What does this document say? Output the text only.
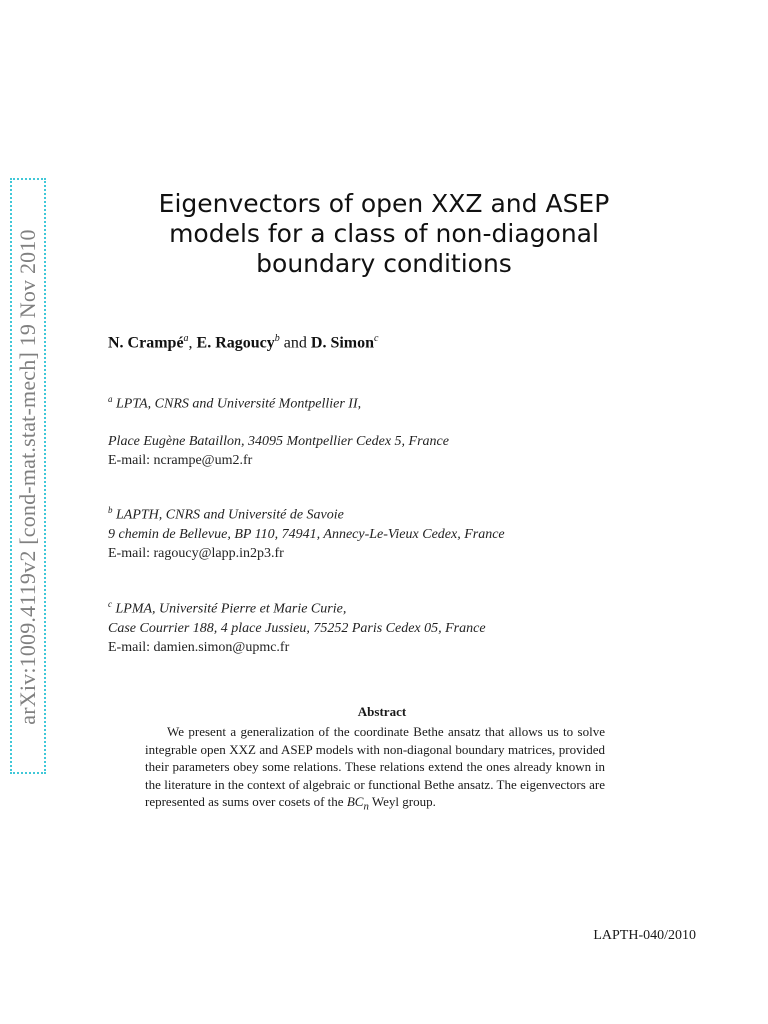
arXiv:1009.4119v2 [cond-mat.stat-mech] 19 Nov 2010
Eigenvectors of open XXZ and ASEP
models for a class of non-diagonal
boundary conditions
N. Crampé$^a$, E. Ragoucy$^b$ and D. Simon$^c$
$^a$ LPTA, CNRS and Université Montpellier II,
Place Eugène Bataillon, 34095 Montpellier Cedex 5, France
E-mail: ncrampe@um2.fr
$^b$ LAPTH, CNRS and Université de Savoie
9 chemin de Bellevue, BP 110, 74941, Annecy-Le-Vieux Cedex, France
E-mail: ragoucy@lapp.in2p3.fr
$^c$ LPMA, Université Pierre et Marie Curie,
Case Courrier 188, 4 place Jussieu, 75252 Paris Cedex 05, France
E-mail: damien.simon@upmc.fr
Abstract
We present a generalization of the coordinate Bethe ansatz that allows us to solve integrable open XXZ and ASEP models with non-diagonal boundary matrices, provided their parameters obey some relations. These relations extend the ones already known in the literature in the context of algebraic or functional Bethe ansatz. The eigenvectors are represented as sums over cosets of the $BC_n$ Weyl group.
LAPTH-040/2010
